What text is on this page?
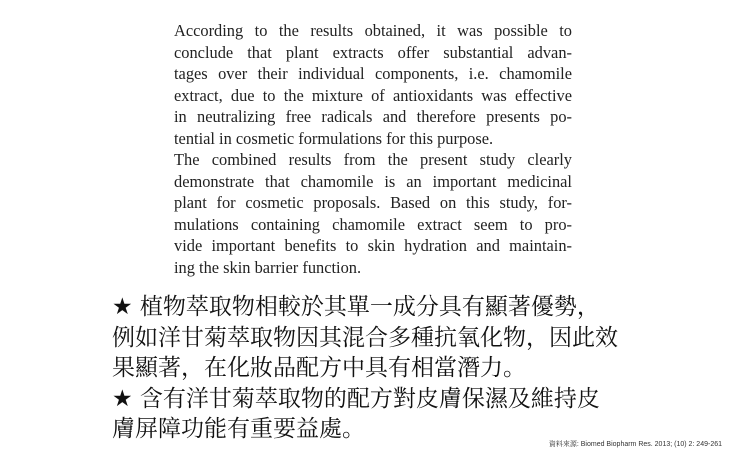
According to the results obtained, it was possible to
conclude that plant extracts offer substantial advan-
tages over their individual components, i.e. chamomile
extract, due to the mixture of antioxidants was effective
in neutralizing free radicals and therefore presents po-
tential in cosmetic formulations for this purpose.
The combined results from the present study clearly
demonstrate that chamomile is an important medicinal
plant for cosmetic proposals. Based on this study, for-
mulations containing chamomile extract seem to pro-
vide important benefits to skin hydration and maintain-
ing the skin barrier function.
★ 植物萃取物相較於其單一成分具有顯著優勢，
例如洋甘菊萃取物因其混合多種抗氧化物，因此效
果顯著，在化妝品配方中具有相當潛力。
★ 含有洋甘菊萃取物的配方對皮膚保濕及維持皮
膚屏障功能有重要益處。
資料來源: Biomed Biopharm Res. 2013; (10) 2: 249-261
